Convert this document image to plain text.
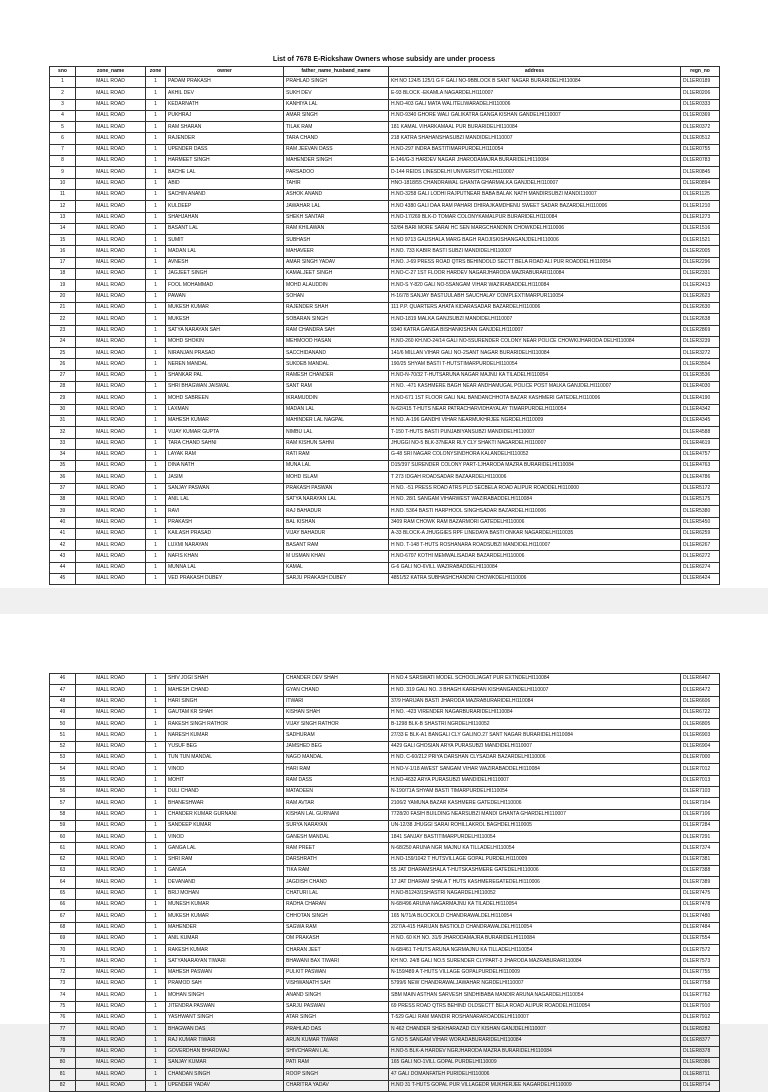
List of 7678 E-Rickshaw Owners whose subsidy are under process
sno	zone_name	zone	owner	father_name_husband_name	address	regn_no
1	MALL ROAD	1	PADAM PRAKASH	PRAHLAD SINGH	KH NO 124/5 125/1 G F GALI NO-9BBLOCK B SANT NAGAR BURARIDELHI110084	DL1ER0189
2	MALL ROAD	1	AKHIL DEV	SUKH DEV	E-93 BLOCK -EKAMLA NAGARDELHI110007	DL1ER0206
3	MALL ROAD	1	KEDARNATH	KANHIYA LAL	H.NO-403 GALI MATA WALITELIWARADELHI110006	DL1ER0333
4	MALL ROAD	1	PUKHRAJ	AMAR SINGH	H.NO-9340 GHORE WALI GALIKATRA GANGA KISHAN GANDELHI110007	DL1ER0369
5	MALL ROAD	1	RAM SHARAN	TILAK RAM	181 KAMAL VIHARKAMAAL PUR BURARIDELHI110084	DL1ER0372
6	MALL ROAD	1	RAJENDER	TARA CHAND	218 KATRA SHAHANSHASUBZI MANDIDELHI110007	DL1ER0512
7	MALL ROAD	1	UPENDER DASS	RAM JEEVAN DASS	H.NO-297 INDRA BASTITIMARPURDELHI110054	DL1ER0755
8	MALL ROAD	1	HARMEET SINGH	MAHENDER SINGH	E-146/G-3 HARDEV NAGAR JHARODAMAJRA BURARIDELHI110084	DL1ER0783
9	MALL ROAD	1	BACHE LAL	PARSADOO	D-144 REIDS LINESDELHI UNIVERSITYDELHI110007	DL1ER0845
10	MALL ROAD	1	ABID	TAHIR	HNO-1818/55 CHANDRAWAL GHANTA GHARMALKA GANJDELHI110007	DL1ER0894
11	MALL ROAD	1	SACHIN ANAND	ASHOK ANAND	H.NO-3258 GALI LODHI RAJPUTNEAR BABA BALAK NATH MANDIRSUBZI MANDI110007	DL1ER1125
12	MALL ROAD	1	KULDEEP	JAWAHAR LAL	H.NO 4380 GALI DAA RAM PAHARI DHIRAJKAMDHENU SWEET SADAR BAZARDELHI110006	DL1ER1210
13	MALL ROAD	1	SHAHJAHAN	SHEKH SANTAR	H.NO-17/269 BLK-D TOMAR COLONYKAMALPUR BURARIDELHI110084	DL1ER1273
14	MALL ROAD	1	BASANT LAL	RAM KHILAWAN	52/84 BARI MORE SARAI HC SEN MARGCHANDNIN CHOWKDELHI110006	DL1ER1516
15	MALL ROAD	1	SUMIT	SUBHASH	H NO 9713 GAUSHALA MARG BAGH RAOJISKISHANGANJDELHI110006	DL1ER1521
16	MALL ROAD	1	MADAN LAL	MAHAVEER	H.NO. 733 KABIR BASTI SUBZI MANDIDELHI110007	DL1ER2005
17	MALL ROAD	1	AVNESH	AMAR SINGH YADAV	H.NO. J-69 PRESS ROAD QTRS BEHINDOLD SECTT BELA ROAD ALI PUR ROADDELHI110054	DL1ER2296
18	MALL ROAD	1	JAGJEET SINGH	KAMALJEET SINGH	H.NO-C-27 1ST FLOOR HARDEV NAGARJHARODA MAZRABURARI110084	DL1ER2331
19	MALL ROAD	1	FOOL MOHAMMAD	MOHD ALAUDDIN	H.NO-S Y-820 GALI NO-5SANGAM VIHAR WAZIRABADDELHI110084	DL1ER2413
20	MALL ROAD	1	PAWAN	SOHAN	H-16/78 SANJAY BASTIJULABH SAUCHALAY COMPLEXTIMARPUR110054	DL1ER2623
21	MALL ROAD	1	MUKESH KUMAR	RAJENDER SHAH	111 P.P. QUARTERS AHATA KIDARASADAR BAZARDELHI110006	DL1ER2630
22	MALL ROAD	1	MUKESH	SOBARAN SINGH	H.NO-1819 MALKA GANJSUBZI MANDIDELHI110007	DL1ER2638
23	MALL ROAD	1	SATYA NARAYAN SAH	RAM CHANDRA SAH	9340 KATRA GANGA BISHANKISHAN GANJDELHI110007	DL1ER2869
24	MALL ROAD	1	MOHD SHOKIN	MEHMOOD HASAN	H.NO-260 KH.NO-24/14 GALI NO-5SURENDER COLONY NEAR POLICE CHOWKIJHARODA DELHI110084	DL1ER3239
25	MALL ROAD	1	NIRANJAN PRASAD	SACCHIDANAND	141/6 MILLAN VIHAR GALI NO-2SANT NAGAR BURARIDELHI110084	DL1ER3272
26	MALL ROAD	1	NEREN MANDAL	SUKDEB MANDAL	190/25 SHYAM BASTI T-HUTSTIMARPURDELHI110054	DL1ER3504
27	MALL ROAD	1	SHANKAR PAL	RAMESH CHANDER	H.NO-N-70/32 T-HUTSARUNA NAGAR MAJNU KA TILADELHI110054	DL1ER3536
28	MALL ROAD	1	SHRI BHAGWAN JAISWAL	SANT RAM	H NO. -471 KASHMERE BAGH NEAR ANDHAMUGAL POLICE POST MALKA GANJDELHI110007	DL1ER4030
29	MALL ROAD	1	MOHD SABREEN	IKRAMUDDIN	H.NO-671 1ST FLOOR GALI NAL BANDANCHHOTA BAZAR KASHMERI GATEDELHI110006	DL1ER4190
30	MALL ROAD	1	LAXMAN	MADAN LAL	N-62/415 T-HUTS NEAR PATRACHARVIDHAYALAY TIMARPURDELHI110054	DL1ER4342
31	MALL ROAD	1	MAHESH KUMAR	MAHINDER LAL NAGPAL	H NO. A-196 GANDHI VIHAR NEARMUKHRJEE NGRDELHI110009	DL1ER4345
32	MALL ROAD	1	VIJAY KUMAR GUPTA	NIMBU LAL	T-150 T-HUTS BASTI PUNJABIYANSUBZI MANDIDELHI110007	DL1ER4588
33	MALL ROAD	1	TARA CHAND SAHNI	RAM KISHUN SAHNI	JHUGGI NO-5 BLK-37NEAR RLY CLY SHAKTI NAGARDELHI110007	DL1ER4619
34	MALL ROAD	1	LAYAK RAM	RATI RAM	G-48 SRI NAGAR COLONYSINDHORA KALANDELHI110052	DL1ER4757
35	MALL ROAD	1	DINA NATH	MUNA LAL	D15/397 SURENDER COLONY PART-1JHARODA MAZRA BURARIDELHI110084	DL1ER4763
36	MALL ROAD	1	JASIM	MOHD ISLAM	T 273 IDGAH ROADSADAR BAZAARDELHI110006	DL1ER4786
37	MALL ROAD	1	SANJAY PASWAN	PRAKASH PASWAN	H NO. -51 PRESS ROAD ATRS PLD SECBELA ROAD ALIPUR ROADDELHI110000	DL1ER5172
38	MALL ROAD	1	ANIL LAL	SATYA NARAYAN LAL	H NO. 28/1 SANGAM VIHARWEST WAZIRABADDELHI110084	DL1ER5175
39	MALL ROAD	1	RAVI	RAJ BAHADUR	H.NO. 5364 BASTI HARPHOOL SINGHSADAR BAZARDELHI110006	DL1ER5380
40	MALL ROAD	1	PRAKASH	BAL KISHAN	3409 RAM CHOWK RAM BAZARMORI GATEDELHI110006	DL1ER5450
41	MALL ROAD	1	KAILASH PRASAD	VIJAY BAHADUR	A-33 BLOCK-A JHUGGIES RPF LINEDAYA BASTI ONKAR NAGARDELHI110035	DL1ER6259
42	MALL ROAD	1	LUXMI NARAYAN	BASANT RAM	H NO. T-148 T-HUTS ROSHANARA ROADSUBZI MANDIDELHI110007	DL1ER6267
43	MALL ROAD	1	NAFIS KHAN	M USMAN KHAN	H.NO-6707 KOTHI MEMWALISADAR BAZARDELHI110006	DL1ER6272
44	MALL ROAD	1	MUNNA LAL	KAMAL	G-6 GALI NO-6VILL WAZIRABADDELHI110084	DL1ER6274
45	MALL ROAD	1	VED PRAKASH DUBEY	SARJU PRAKASH DUBEY	4851/52 KATRA SUBHASHCHANDNI CHOWKDELHI110006	DL1ER6424
46	MALL ROAD	1	SHIV JOGI SHAH	CHANDER DEV SHAH	H NO.4 SARSWATI MODEL SCHOOLJAGAT PUR EXTNDELHI110084	DL1ER6467
47	MALL ROAD	1	MAHESH CHAND	GYAN CHAND	H NO. 319 GALI NO. 3 BHAGH KAREHAN KISHANGANDELHI110007	DL1ER6472
48	MALL ROAD	1	HARI SINGH	ITWARI	37/9 HARIJAN BASTI JHARODA MAZRABURARIDELHI110084	DL1ER6606
49	MALL ROAD	1	GAUTAM KR SHAH	KISHAN SHAH	H NO. -423 VIRENDER NAGARBURARIDELHI110084	DL1ER6722
50	MALL ROAD	1	RAKESH SINGH RATHOR	VIJAY SINGH RATHOR	B-1298 BLK-B SHASTRI NGRDELHI110052	DL1ER6805
51	MALL ROAD	1	NARESH KUMAR	SADHURAM	27/33 E BLK-A1 BANGALI CLY GALINO.27 SANT NAGAR BURARIDELHI110084	DL1ER6903
52	MALL ROAD	1	YUSUF BEG	JAMSHED BEG	4429 GALI GHOSIAN ARYA PURASUBZI MANDIDELHI110007	DL1ER6904
53	MALL ROAD	1	TUN TUN MANDAL	NAGO MANDAL	H NO. C-60/212 PRIYA DARSHAN CLYSADAR BAZARDELHI110006	DL1ER7000
54	MALL ROAD	1	VINOD	HARI RAM	H NO-V-1/18 AWEST SANGAM VIHAR WAZIRABADDELHI110084	DL1ER7012
55	MALL ROAD	1	MOHIT	RAM DASS	H.NO-4632 ARYA PURASUBZI MANDIDELHI110007	DL1ER7013
56	MALL ROAD	1	DULI CHAND	MATADEEN	N-190/71A SHYAM BASTI TIMARPURDELHI110054	DL1ER7103
57	MALL ROAD	1	BHANESHWAR	RAM AVTAR	2106/2 YAMUNA BAZAR KASHMERE GATEDELHI110006	DL1ER7104
58	MALL ROAD	1	CHANDER KUMAR GURNANI	KISHAN LAL GURNANI	7728/20 FASIH BUILDING NEARSUBZI MANDI GHANTA GHARDELHI110007	DL1ER7106
59	MALL ROAD	1	SANDEEP KUMAR	SURYA NARAYAN	UN-12/38 JHUGGI SARAI ROHILLAKROL BAGHDELHI110005	DL1ER7284
60	MALL ROAD	1	VINOD	GANESH MANDAL	1841 SANJAY BASTITIMARPURDELHI110054	DL1ER7291
61	MALL ROAD	1	GANGA LAL	RAM PREET	N-68/250 ARUNA NGR MAJNU KA TILLADELHI110054	DL1ER7374
62	MALL ROAD	1	SHRI RAM	DARSHRATH	H.NO-159/1042 T HUTSVILLAGE GOPAL PURDELHI110009	DL1ER7381
63	MALL ROAD	1	GANGA	TIKA RAM	55 JAT DHARAMSHALA T-HUTSKASHMERE GATEDELHI110006	DL1ER7388
64	MALL ROAD	1	DEVANAND	JAGDISH CHAND	17 JAT DHARAM SHALA T HUTS KASHMEREGATEDELHI110006	DL1ER7389
65	MALL ROAD	1	BRIJ MOHAN	CHATURI LAL	H.NO-B1243/1SHASTRI NAGARDELHI110052	DL1ER7475
66	MALL ROAD	1	MUNESH KUMAR	RADHA CHARAN	N-68/496 ARUNA NAGARMAJNU KA TILADELHI110054	DL1ER7478
67	MALL ROAD	1	MUKESH KUMAR	CHHOTAN SINGH	165 N/71/A BLOCKOLD CHANDRAWALDELHI110054	DL1ER7480
68	MALL ROAD	1	MAHENDER	SAGWA RAM	2/27/A-415 HARIJAN BASTIOLD CHANDRAWALDELHI110054	DL1ER7484
69	MALL ROAD	1	ANIL KUMAR	OM PRAKASH	H NO. 60 KH NO. 31/9 JHARODAMAJRA BURARIDELHI110084	DL1ER7554
70	MALL ROAD	1	RAKESH KUMAR	CHARAN JEET	N-68/461 T-HUTS ARUNA NGRMAJNU KA TILLADELHI110054	DL1ER7572
71	MALL ROAD	1	SATYANARAYAN TIWARI	BHAWANI BAX TIWARI	KH NO. 24/8 GALI NO.5 SURENDER CLYPART-3 JHARODA MAZRABURARI110084	DL1ER7573
72	MALL ROAD	1	MAHESH PASWAN	PULKIT PASWAN	N-159/489 A T-HUTS VILLAGE GOPALPURDELHI110009	DL1ER7755
73	MALL ROAD	1	PRAMOD SAH	VISHWANATH SAH	5799/6 NEW CHANDRAWALJAWAHAR NGRDELHI110007	DL1ER7758
74	MALL ROAD	1	MOHAN SINGH	ANAND SINGH	SBM MAIN ASTHAN SARVESH SINDHIBABA MANDIR ARUNA NAGARDELHI110054	DL1ER7762
75	MALL ROAD	1	JITENDRA PASWAN	SARJU PASWAN	69 PRESS ROAD QTRS BEHIND OLDSECTT BELA ROAD ALIPUR ROADDELHI110054	DL1ER7910
76	MALL ROAD	1	YASHWANT SINGH	ATAR SINGH	T-529 GALI RAM MANDIR ROSHANARAROADDELHI110007	DL1ER7912
77	MALL ROAD	1	BHAGWAN DAS	PRAHLAD DAS	N 462 CHANDER SHEKHARAZAD CLY KISHAN GANJDELHI110007	DL1ER8282
78	MALL ROAD	1	RAJ KUMAR TIWARI	ARUN KUMAR TIWARI	G NO 5 SANGAM VIHAR WORADABURARIDELHI110084	DL1ER8377
79	MALL ROAD	1	GOVERDHAN BHARDWAJ	SHIVCHARAN LAL	H.NO-5 BLK-A HARDEV NGRJHARODA MAZRA BURARIDELHI110084	DL1ER8378
80	MALL ROAD	1	SANJAY KUMAR	PATI RAM	165 GALI NO-1VILL GOPAL PURDELHI110009	DL1ER8386
81	MALL ROAD	1	CHANDAN SINGH	ROOP SINGH	47 GALI DOMANFATEH PURIDELHI110006	DL1ER8711
82	MALL ROAD	1	UPENDER YADAV	CHARITRA YADAV	H.NO 31 T-HUTS GOPAL PUR VILLAGEDR MUKHERJEE NAGARDELHI110009	DL1ER8714
